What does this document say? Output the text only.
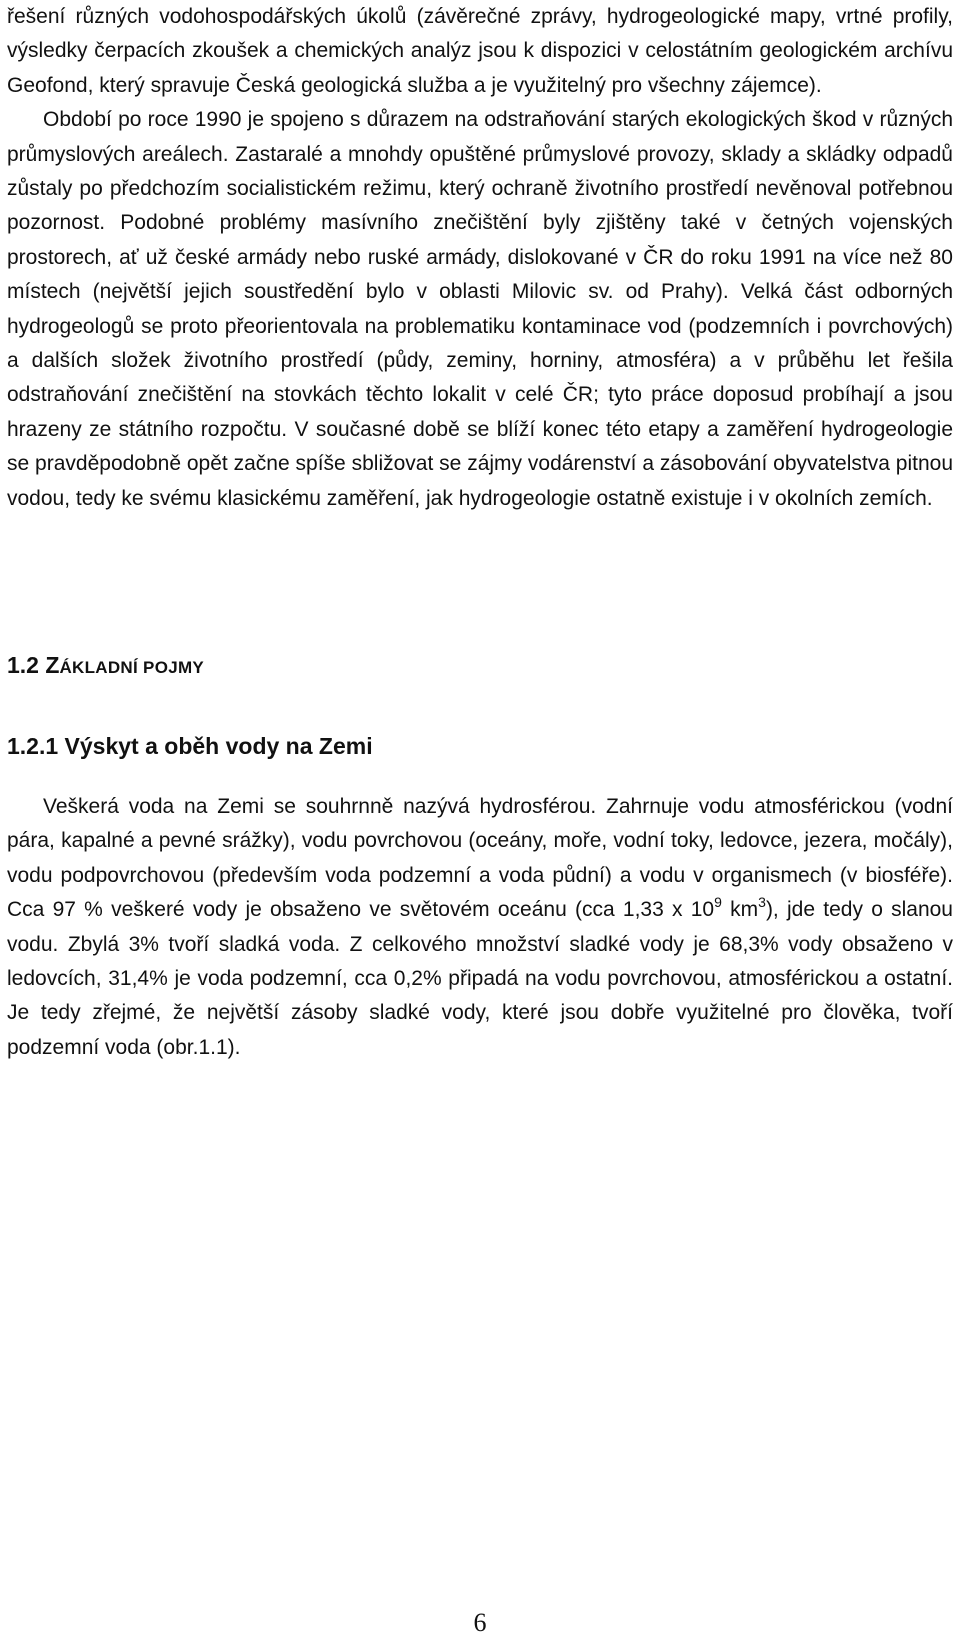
řešení různých vodohospodářských úkolů (závěrečné zprávy, hydrogeologické mapy, vrtné profily, výsledky čerpacích zkoušek a chemických analýz jsou k dispozici v celostátním geologickém archívu Geofond, který spravuje Česká geologická služba a je využitelný pro všechny zájemce).

Období po roce 1990 je spojeno s důrazem na odstraňování starých ekologických škod v různých průmyslových areálech. Zastaralé a mnohdy opuštěné průmyslové provozy, sklady a skládky odpadů zůstaly po předchozím socialistickém režimu, který ochraně životního prostředí nevěnoval potřebnou pozornost. Podobné problémy masívního znečištění byly zjištěny také v četných vojenských prostorech, ať už české armády nebo ruské armády, dislokované v ČR do roku 1991 na více než 80 místech (největší jejich soustředění bylo v oblasti Milovic sv. od Prahy). Velká část odborných hydrogeologů se proto přeorientovala na problematiku kontaminace vod (podzemních i povrchových) a dalších složek životního prostředí (půdy, zeminy, horniny, atmosféra) a v průběhu let řešila odstraňování znečištění na stovkách těchto lokalit v celé ČR; tyto práce doposud probíhají a jsou hrazeny ze státního rozpočtu. V současné době se blíží konec této etapy a zaměření hydrogeologie se pravděpodobně opět začne spíše sbližovat se zájmy vodárenství a zásobování obyvatelstva pitnou vodou, tedy ke svému klasickému zaměření, jak hydrogeologie ostatně existuje i v okolních zemích.

1.2 ZÁKLADNÍ POJMY
1.2.1 Výskyt a oběh vody na Zemi

Veškerá voda na Zemi se souhrnně nazývá hydrosférou. Zahrnuje vodu atmosférickou (vodní pára, kapalné a pevné srážky), vodu povrchovou (oceány, moře, vodní toky, ledovce, jezera, močály), vodu podpovrchovou (především voda podzemní a voda půdní) a vodu v organismech (v biosféře). Cca 97 % veškeré vody je obsaženo ve světovém oceánu (cca 1,33 x $10^9$ $km^3$), jde tedy o slanou vodu. Zbylá 3% tvoří sladká voda. Z celkového množství sladké vody je 68,3% vody obsaženo v ledovcích, 31,4% je voda podzemní, cca 0,2% připadá na vodu povrchovou, atmosférickou a ostatní. Je tedy zřejmé, že největší zásoby sladké vody, které jsou dobře využitelné pro člověka, tvoří podzemní voda (obr.1.1).

6
